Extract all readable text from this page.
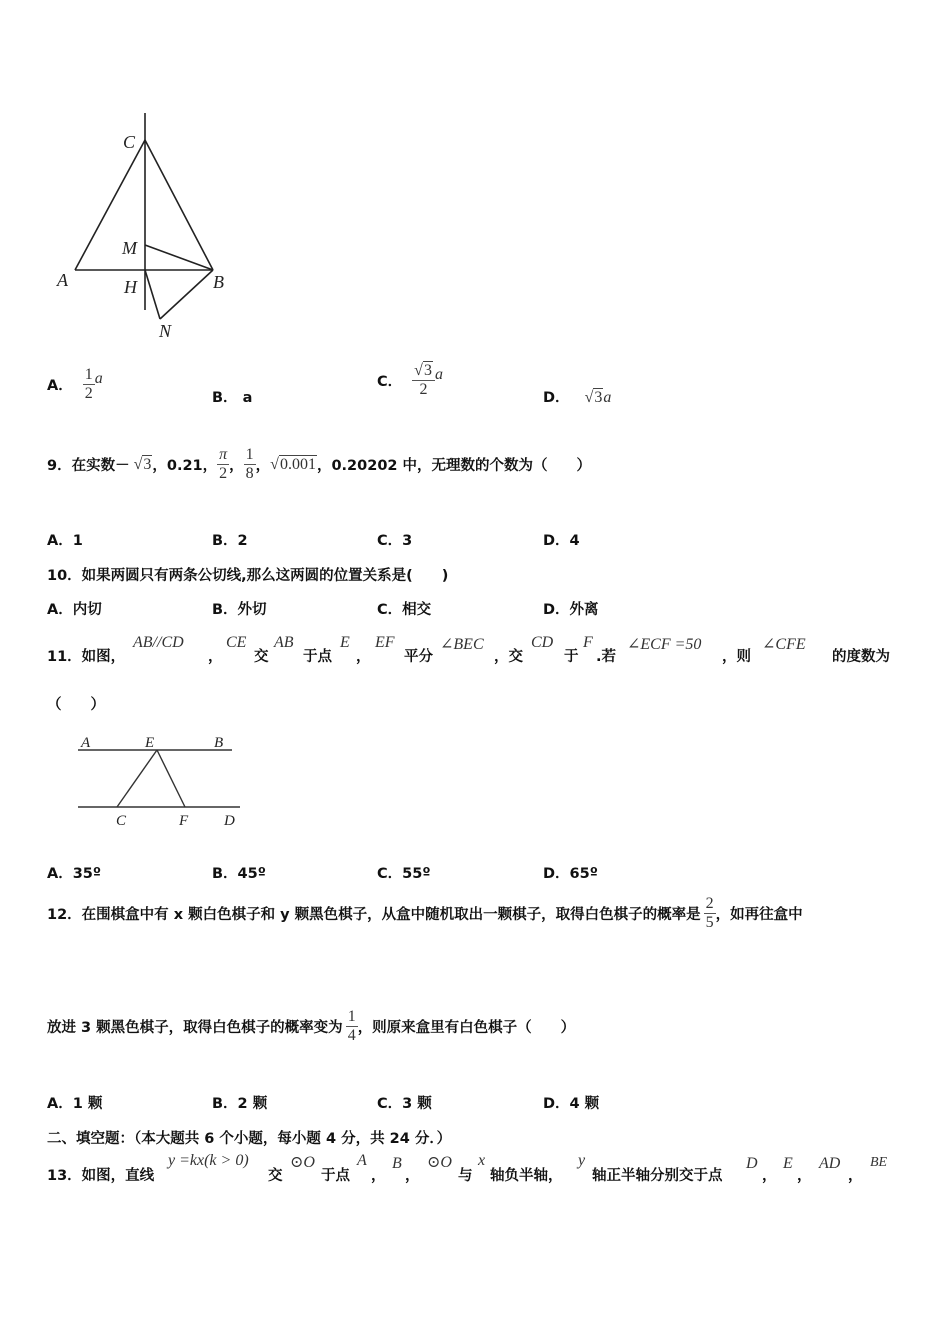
C
M
A	H	B
N
A． $\frac{1}{2}$ a
B． a
C． $\frac{√3}{2}$ a
D． √3a
9．在实数－ √3 ，0.21， $\frac{\pi}{2}$ ， $\frac{1}{8}$ ， √0.001 ，0.20202 中，无理数的个数为（　　）
A．1	B．2	C．3	D．4
10．如果两圆只有两条公切线,那么这两圆的位置关系是(　　)
A．内切	B．外切	C．相交	D．外离
11．如图，
AB//CD
，
CE
交
AB
于点
E
，
EF
平分
∠BEC
，交
CD
于
F
.若
∠ECF =50
，则
∠CFE
的度数为
（　　）
A	E	B
C	F D
A．35º	B．45º	C．55º	D．65º
12．在围棋盒中有 x 颗白色棋子和 y 颗黑色棋子，从盒中随机取出一颗棋子，取得白色棋子的概率是 $\frac{2}{5}$ ，如再往盒中
放进 3 颗黑色棋子，取得白色棋子的概率变为 $\frac{1}{4}$ ，则原来盒里有白色棋子（　　）
A．1 颗	B．2 颗	C．3 颗	D．4 颗
二、填空题：（本大题共 6 个小题，每小题 4 分，共 24 分．）
13．如图，直线
y =kx(k > 0)
交
⊙O
于点
A
，
B
，
⊙O
与
x
轴负半轴，
y
轴正半轴分别交于点
D
，
E
，
AD
，
BE
